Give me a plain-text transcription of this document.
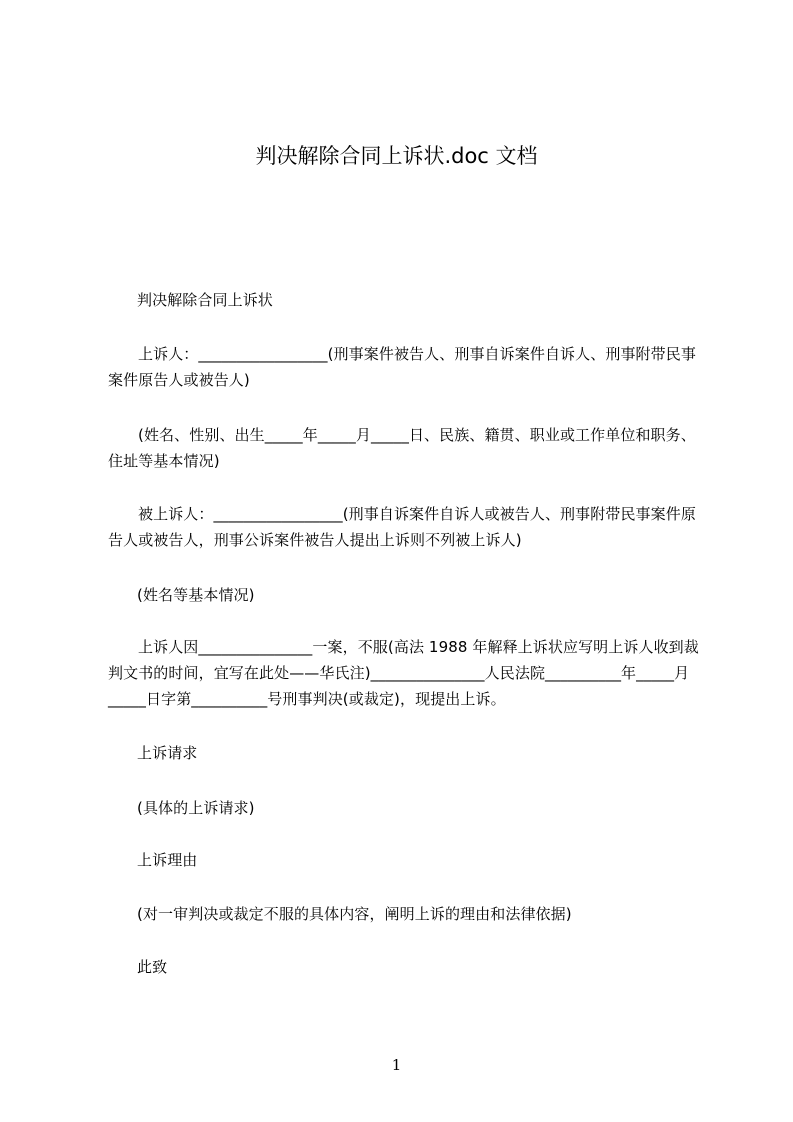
判决解除合同上诉状.doc 文档
判决解除合同上诉状
上诉人：_________________(刑事案件被告人、刑事自诉案件自诉人、刑事附带民事案件原告人或被告人)
(姓名、性别、出生_____年_____月_____日、民族、籍贯、职业或工作单位和职务、住址等基本情况)
被上诉人：_________________(刑事自诉案件自诉人或被告人、刑事附带民事案件原告人或被告人，刑事公诉案件被告人提出上诉则不列被上诉人)
(姓名等基本情况)
上诉人因_______________一案，不服(高法 1988 年解释上诉状应写明上诉人收到裁判文书的时间，宜写在此处——华氏注)_______________人民法院__________年_____月_____日字第__________号刑事判决(或裁定)，现提出上诉。
上诉请求
(具体的上诉请求)
上诉理由
(对一审判决或裁定不服的具体内容，阐明上诉的理由和法律依据)
此致
1
